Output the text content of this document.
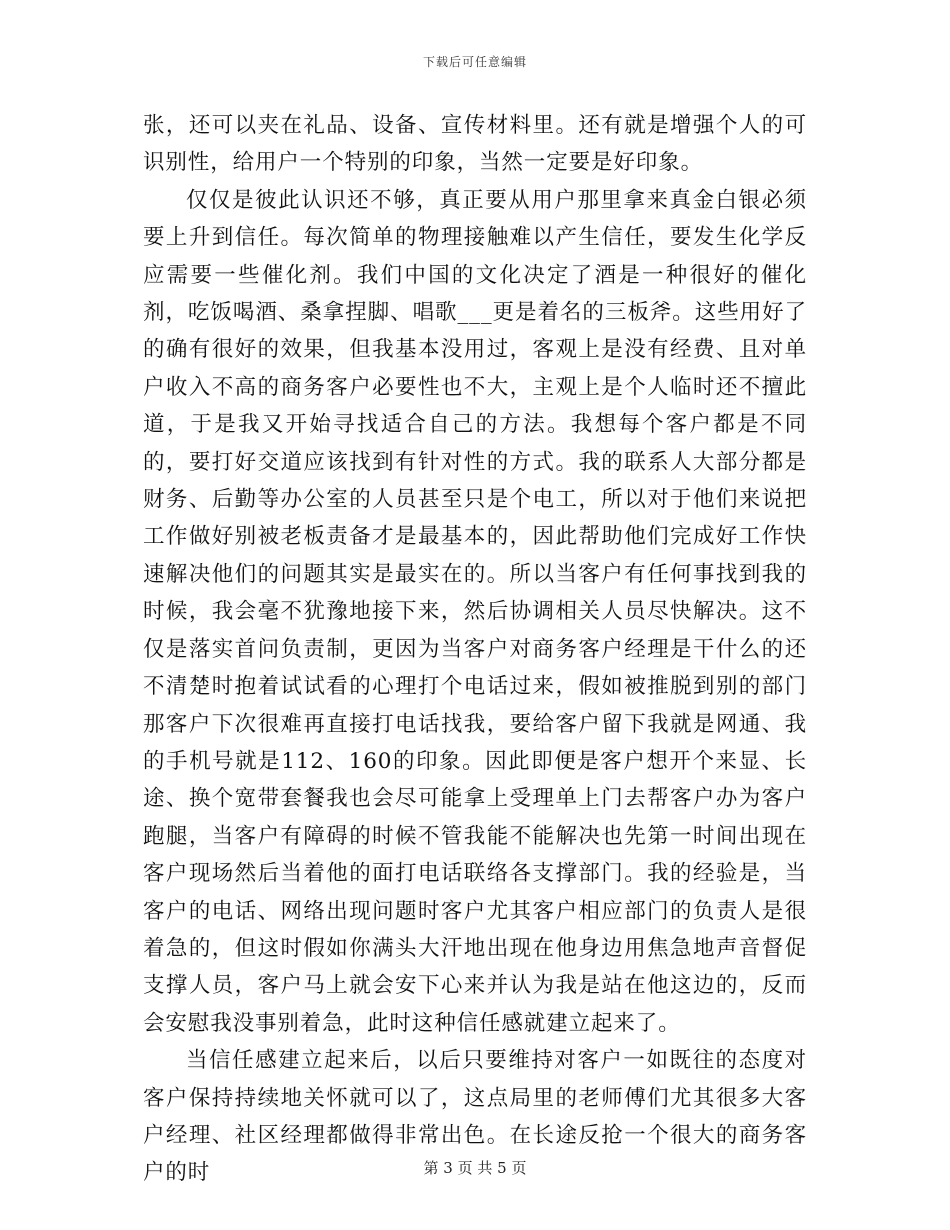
下载后可任意编辑

张，还可以夹在礼品、设备、宣传材料里。还有就是增强个人的可识别性，给用户一个特别的印象，当然一定要是好印象。

仅仅是彼此认识还不够，真正要从用户那里拿来真金白银必须要上升到信任。每次简单的物理接触难以产生信任，要发生化学反应需要一些催化剂。我们中国的文化决定了酒是一种很好的催化剂，吃饭喝酒、桑拿捏脚、唱歌___更是着名的三板斧。这些用好了的确有很好的效果，但我基本没用过，客观上是没有经费、且对单户收入不高的商务客户必要性也不大，主观上是个人临时还不擅此道，于是我又开始寻找适合自己的方法。我想每个客户都是不同的，要打好交道应该找到有针对性的方式。我的联系人大部分都是财务、后勤等办公室的人员甚至只是个电工，所以对于他们来说把工作做好别被老板责备才是最基本的，因此帮助他们完成好工作快速解决他们的问题其实是最实在的。所以当客户有任何事找到我的时候，我会毫不犹豫地接下来，然后协调相关人员尽快解决。这不仅是落实首问负责制，更因为当客户对商务客户经理是干什么的还不清楚时抱着试试看的心理打个电话过来，假如被推脱到别的部门那客户下次很难再直接打电话找我，要给客户留下我就是网通、我的手机号就是112、160的印象。因此即便是客户想开个来显、长途、换个宽带套餐我也会尽可能拿上受理单上门去帮客户办为客户跑腿，当客户有障碍的时候不管我能不能解决也先第一时间出现在客户现场然后当着他的面打电话联络各支撑部门。我的经验是，当客户的电话、网络出现问题时客户尤其客户相应部门的负责人是很着急的，但这时假如你满头大汗地出现在他身边用焦急地声音督促支撑人员，客户马上就会安下心来并认为我是站在他这边的，反而会安慰我没事别着急，此时这种信任感就建立起来了。

当信任感建立起来后，以后只要维持对客户一如既往的态度对客户保持持续地关怀就可以了，这点局里的老师傅们尤其很多大客户经理、社区经理都做得非常出色。在长途反抢一个很大的商务客户的时	第 3 页 共 5 页
